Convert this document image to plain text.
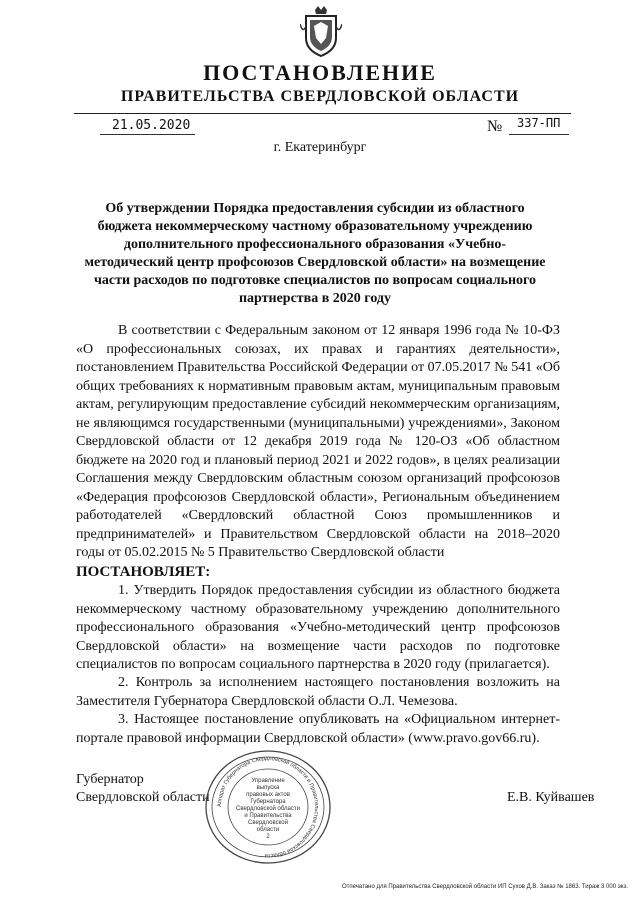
ПОСТАНОВЛЕНИЕ
ПРАВИТЕЛЬСТВА СВЕРДЛОВСКОЙ ОБЛАСТИ
21.05.2020	№ 337-ПП
г. Екатеринбург
Об утверждении Порядка предоставления субсидии из областного бюджета некоммерческому частному образовательному учреждению дополнительного профессионального образования «Учебно-методический центр профсоюзов Свердловской области» на возмещение части расходов по подготовке специалистов по вопросам социального партнерства в 2020 году
В соответствии с Федеральным законом от 12 января 1996 года № 10-ФЗ «О профессиональных союзах, их правах и гарантиях деятельности», постановлением Правительства Российской Федерации от 07.05.2017 № 541 «Об общих требованиях к нормативным правовым актам, муниципальным правовым актам, регулирующим предоставление субсидий некоммерческим организациям, не являющимся государственными (муниципальными) учреждениями», Законом Свердловской области от 12 декабря 2019 года № 120-ОЗ «Об областном бюджете на 2020 год и плановый период 2021 и 2022 годов», в целях реализации Соглашения между Свердловским областным союзом организаций профсоюзов «Федерация профсоюзов Свердловской области», Региональным объединением работодателей «Свердловский областной Союз промышленников и предпринимателей» и Правительством Свердловской области на 2018–2020 годы от 05.02.2015 № 5 Правительство Свердловской области
ПОСТАНОВЛЯЕТ:
1. Утвердить Порядок предоставления субсидии из областного бюджета некоммерческому частному образовательному учреждению дополнительного профессионального образования «Учебно-методический центр профсоюзов Свердловской области» на возмещение части расходов по подготовке специалистов по вопросам социального партнерства в 2020 году (прилагается).
2. Контроль за исполнением настоящего постановления возложить на Заместителя Губернатора Свердловской области О.Л. Чемезова.
3. Настоящее постановление опубликовать на «Официальном интернет-портале правовой информации Свердловской области» (www.pravo.gov66.ru).
Губернатор
Свердловской области	Е.В. Куйвашев
Аппарат Губернатора Свердловской области и Правительства Свердловской области
Управление
выпуска
правовых актов
Губернатора
Свердловской области
и Правительства
Свердловской
области
2
Отпечатано для Правительства Свердловской области ИП Сухов Д.В. Заказ № 1863. Тираж 3 000 экз.
